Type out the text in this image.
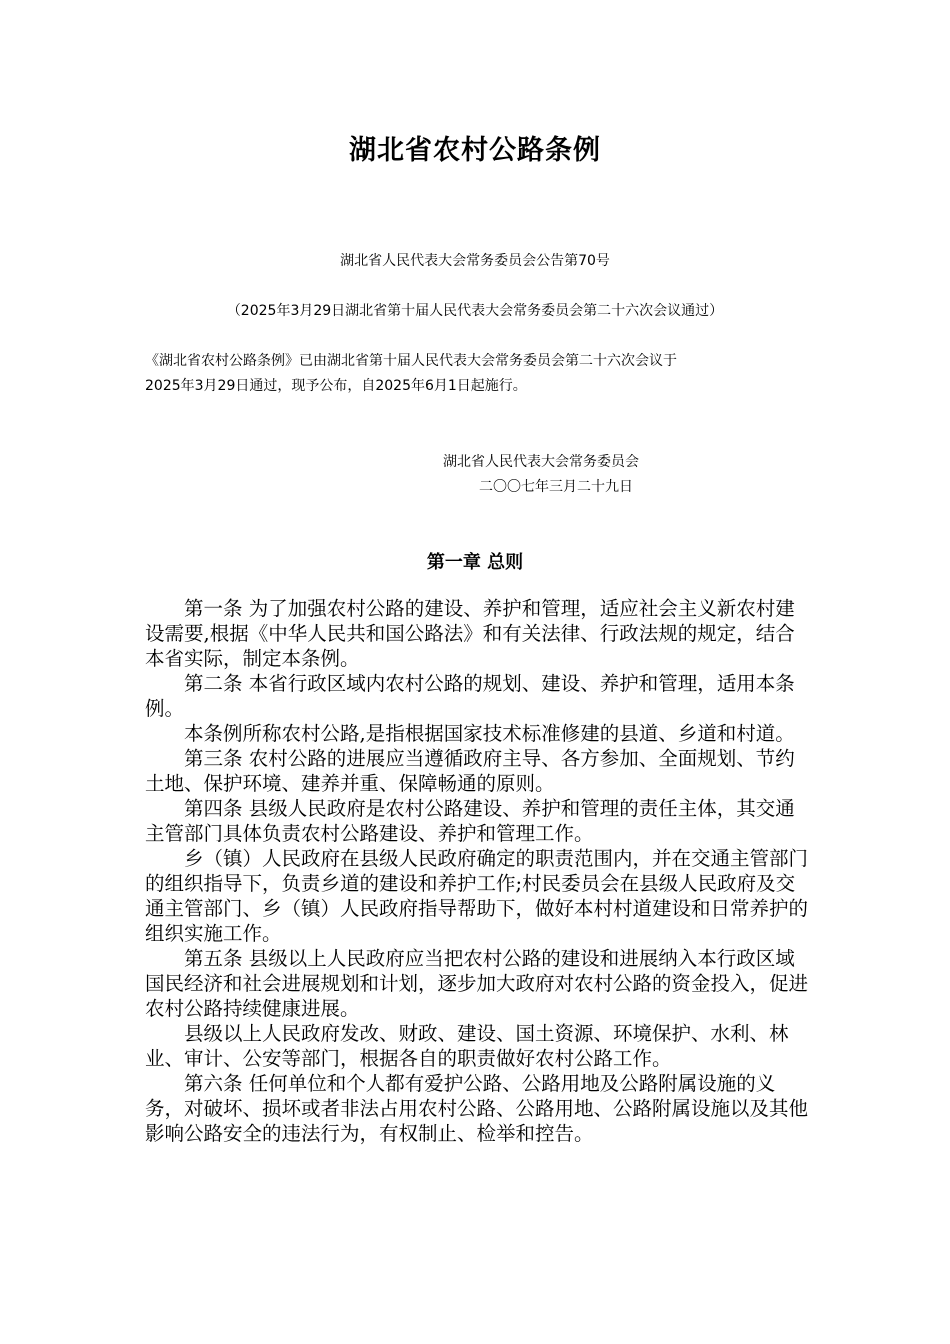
湖北省农村公路条例
湖北省人民代表大会常务委员会公告第70号
（2025年3月29日湖北省第十届人民代表大会常务委员会第二十六次会议通过）
《湖北省农村公路条例》已由湖北省第十届人民代表大会常务委员会第二十六次会议于
2025年3月29日通过，现予公布，自2025年6月1日起施行。
湖北省人民代表大会常务委员会
二〇〇七年三月二十九日
第一章 总则

第一条 为了加强农村公路的建设、养护和管理，适应社会主义新农村建设需要,根据《中华人民共和国公路法》和有关法律、行政法规的规定，结合本省实际，制定本条例。

第二条 本省行政区域内农村公路的规划、建设、养护和管理，适用本条例。

本条例所称农村公路,是指根据国家技术标准修建的县道、乡道和村道。

第三条 农村公路的进展应当遵循政府主导、各方参加、全面规划、节约土地、保护环境、建养并重、保障畅通的原则。

第四条 县级人民政府是农村公路建设、养护和管理的责任主体，其交通主管部门具体负责农村公路建设、养护和管理工作。

乡（镇）人民政府在县级人民政府确定的职责范围内，并在交通主管部门的组织指导下，负责乡道的建设和养护工作;村民委员会在县级人民政府及交通主管部门、乡（镇）人民政府指导帮助下，做好本村村道建设和日常养护的组织实施工作。

第五条 县级以上人民政府应当把农村公路的建设和进展纳入本行政区域国民经济和社会进展规划和计划，逐步加大政府对农村公路的资金投入，促进农村公路持续健康进展。

县级以上人民政府发改、财政、建设、国土资源、环境保护、水利、林业、审计、公安等部门，根据各自的职责做好农村公路工作。

第六条 任何单位和个人都有爱护公路、公路用地及公路附属设施的义务，对破坏、损坏或者非法占用农村公路、公路用地、公路附属设施以及其他影响公路安全的违法行为，有权制止、检举和控告。
